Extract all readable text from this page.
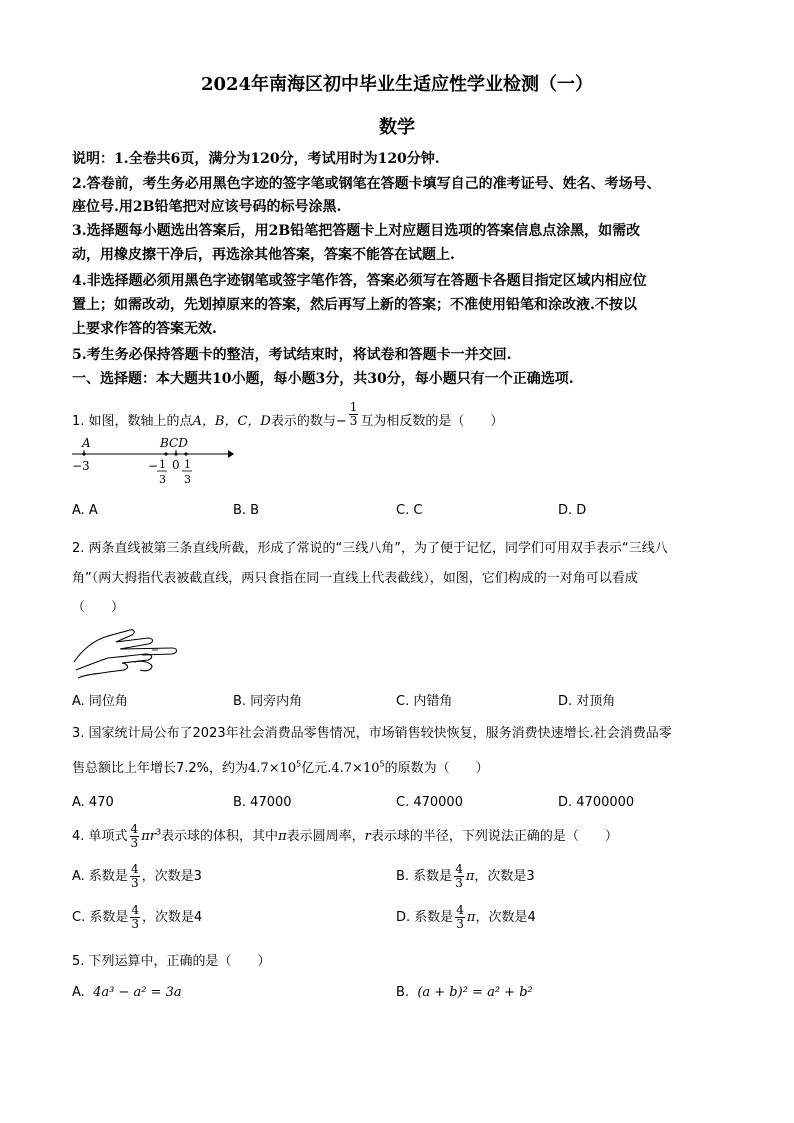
2024年南海区初中毕业生适应性学业检测（一）
数学
说明：1.全卷共6页，满分为120分，考试用时为120分钟.
2.答卷前，考生务必用黑色字迹的签字笔或钢笔在答题卡填写自己的准考证号、姓名、考场号、
座位号.用2B铅笔把对应该号码的标号涂黑.
3.选择题每小题选出答案后，用2B铅笔把答题卡上对应题目选项的答案信息点涂黑，如需改
动，用橡皮擦干净后，再选涂其他答案，答案不能答在试题上.
4.非选择题必须用黑色字迹钢笔或签字笔作答，答案必须写在答题卡各题目指定区域内相应位
置上；如需改动，先划掉原来的答案，然后再写上新的答案；不准使用铅笔和涂改液.不按以
上要求作答的答案无效.
5.考生务必保持答题卡的整洁，考试结束时，将试卷和答题卡一并交回.
一、选择题：本大题共10小题，每小题3分，共30分，每小题只有一个正确选项.
1. 如图，数轴上的点A，B，C，D表示的数与− $\frac{1}{3}$ 互为相反数的是（　　）
A	BCD
−3	− 1
3
0 1
3
A. A	B. B	C. C	D. D
2. 两条直线被第三条直线所截，形成了常说的“三线八角”，为了便于记忆，同学们可用双手表示“三线八
角”（两大拇指代表被截直线，两只食指在同一直线上代表截线），如图，它们构成的一对角可以看成
（　　）
A. 同位角	B. 同旁内角	C. 内错角	D. 对顶角
3. 国家统计局公布了2023年社会消费品零售情况，市场销售较快恢复，服务消费快速增长.社会消费品零
售总额比上年增长7.2%，约为$4.7\times 10^5$亿元$.4.7\times 10^5$的原数为（　　）
A. 470	B. 47000	C. 470000	D. 4700000
4. 单项式 $\frac{4}{3} \pi r^3$表示球的体积，其中π表示圆周率，r表示球的半径，下列说法正确的是（　　）
A. 系数是 $\frac{4}{3}$ ，次数是3	B. 系数是 $\frac{4}{3}$ π，次数是3
C. 系数是 $\frac{4}{3}$ ，次数是4	D. 系数是 $\frac{4}{3}$ π，次数是4
5. 下列运算中，正确的是（　　）
A. 4a³ − a² = 3a	B. (a + b)² = a² + b²
